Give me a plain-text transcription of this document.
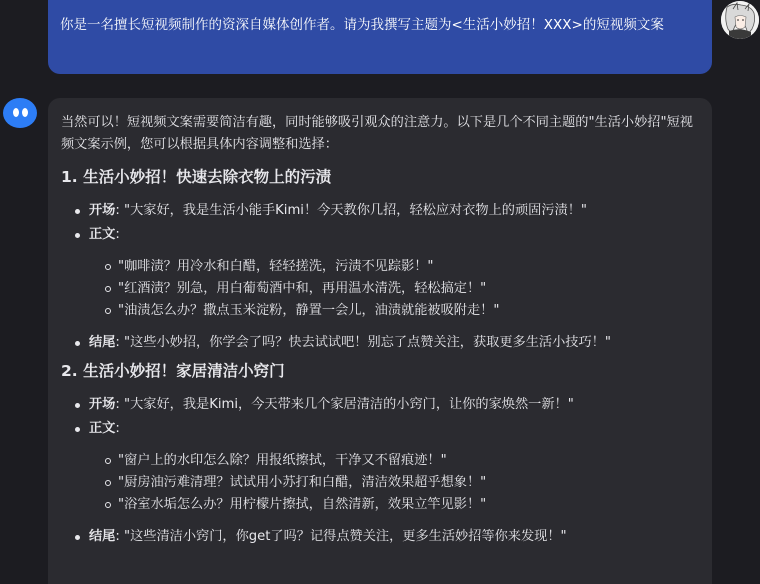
你是一名擅长短视频制作的资深自媒体创作者。请为我撰写主题为<生活小妙招！XXX>的短视频文案

当然可以！短视频文案需要简洁有趣，同时能够吸引观众的注意力。以下是几个不同主题的"生活小妙招"短视频文案示例，您可以根据具体内容调整和选择：

1. 生活小妙招！快速去除衣物上的污渍
开场: "大家好，我是生活小能手Kimi！今天教你几招，轻松应对衣物上的顽固污渍！"
正文:
"咖啡渍？用冷水和白醋，轻轻搓洗，污渍不见踪影！"
"红酒渍？别急，用白葡萄酒中和，再用温水清洗，轻松搞定！"
"油渍怎么办？撒点玉米淀粉，静置一会儿，油渍就能被吸附走！"
结尾: "这些小妙招，你学会了吗？快去试试吧！别忘了点赞关注，获取更多生活小技巧！"
2. 生活小妙招！家居清洁小窍门
开场: "大家好，我是Kimi，今天带来几个家居清洁的小窍门，让你的家焕然一新！"
正文:
"窗户上的水印怎么除？用报纸擦拭，干净又不留痕迹！"
"厨房油污难清理？试试用小苏打和白醋，清洁效果超乎想象！"
"浴室水垢怎么办？用柠檬片擦拭，自然清新，效果立竿见影！"
结尾: "这些清洁小窍门，你get了吗？记得点赞关注，更多生活妙招等你来发现！"
